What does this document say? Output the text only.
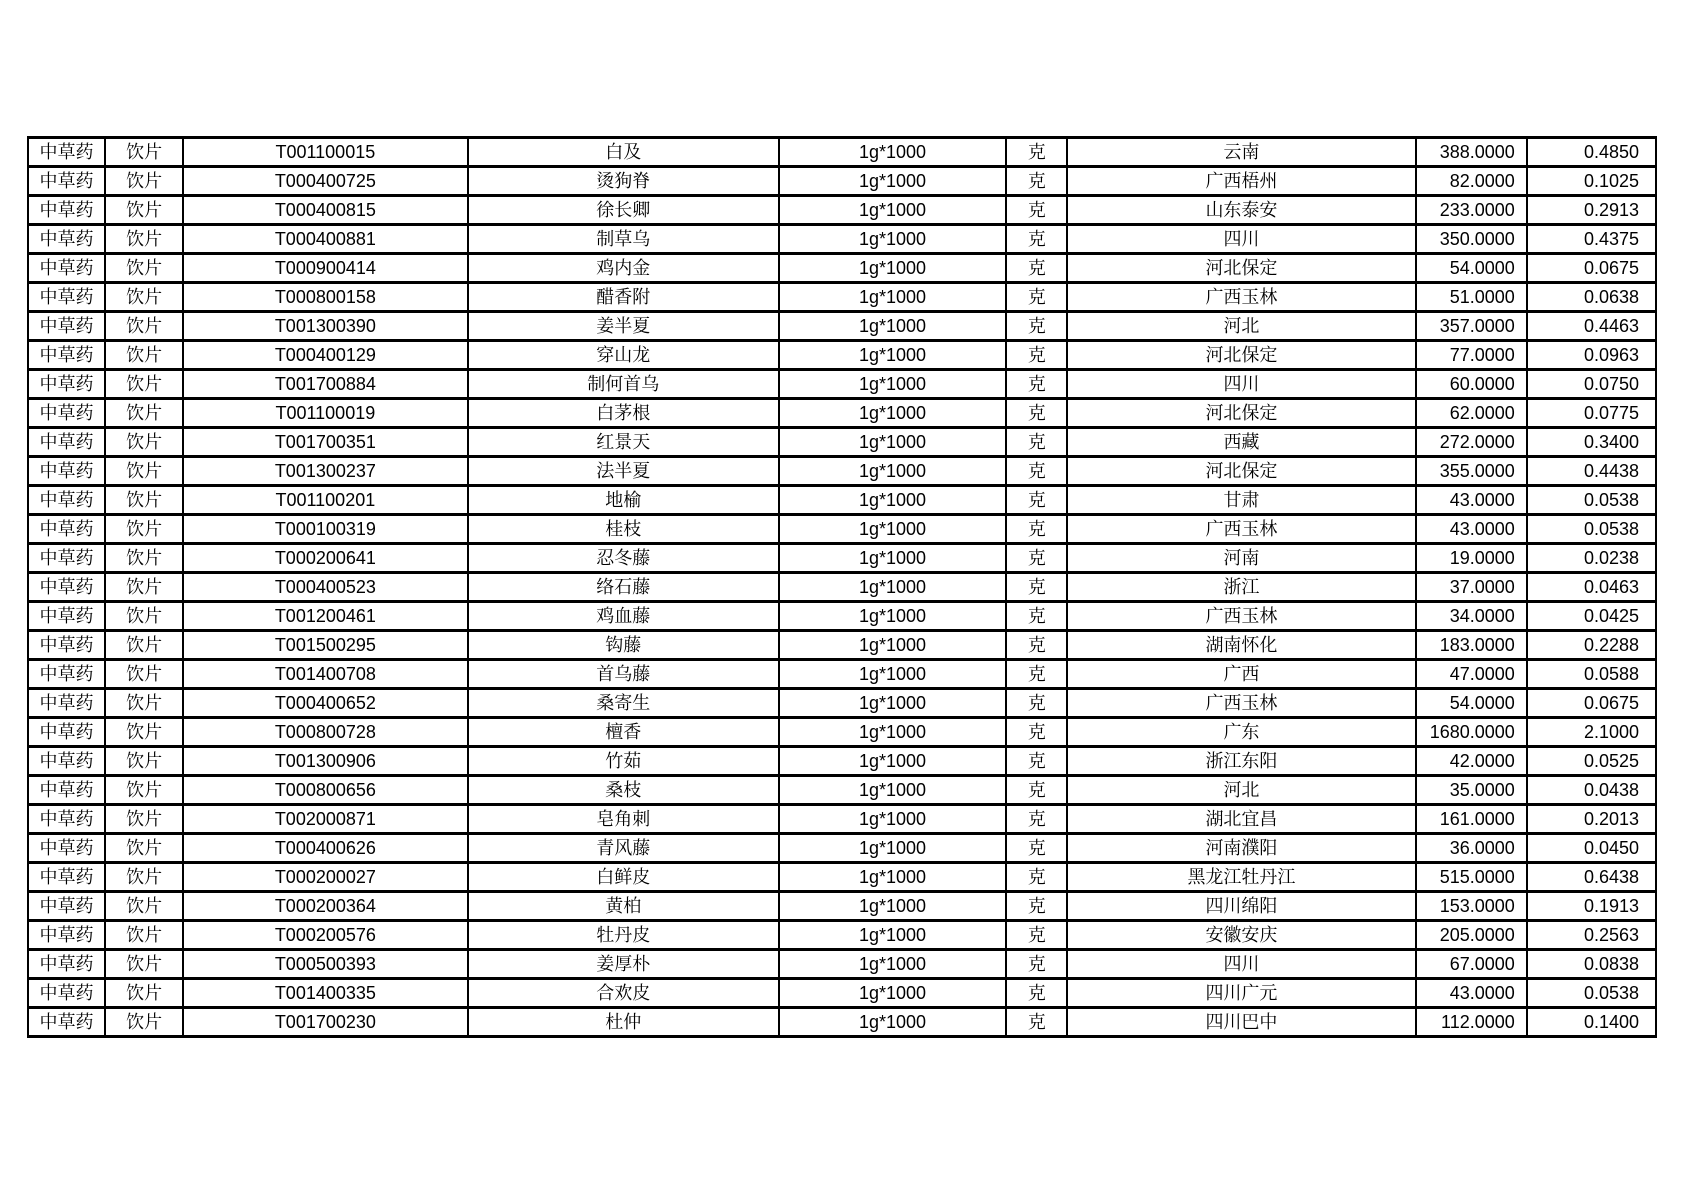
中草药	饮片	T001100015	白及	1g*1000	克	云南	388.0000	0.4850
中草药	饮片	T000400725	烫狗脊	1g*1000	克	广西梧州	82.0000	0.1025
中草药	饮片	T000400815	徐长卿	1g*1000	克	山东泰安	233.0000	0.2913
中草药	饮片	T000400881	制草乌	1g*1000	克	四川	350.0000	0.4375
中草药	饮片	T000900414	鸡内金	1g*1000	克	河北保定	54.0000	0.0675
中草药	饮片	T000800158	醋香附	1g*1000	克	广西玉林	51.0000	0.0638
中草药	饮片	T001300390	姜半夏	1g*1000	克	河北	357.0000	0.4463
中草药	饮片	T000400129	穿山龙	1g*1000	克	河北保定	77.0000	0.0963
中草药	饮片	T001700884	制何首乌	1g*1000	克	四川	60.0000	0.0750
中草药	饮片	T001100019	白茅根	1g*1000	克	河北保定	62.0000	0.0775
中草药	饮片	T001700351	红景天	1g*1000	克	西藏	272.0000	0.3400
中草药	饮片	T001300237	法半夏	1g*1000	克	河北保定	355.0000	0.4438
中草药	饮片	T001100201	地榆	1g*1000	克	甘肃	43.0000	0.0538
中草药	饮片	T000100319	桂枝	1g*1000	克	广西玉林	43.0000	0.0538
中草药	饮片	T000200641	忍冬藤	1g*1000	克	河南	19.0000	0.0238
中草药	饮片	T000400523	络石藤	1g*1000	克	浙江	37.0000	0.0463
中草药	饮片	T001200461	鸡血藤	1g*1000	克	广西玉林	34.0000	0.0425
中草药	饮片	T001500295	钩藤	1g*1000	克	湖南怀化	183.0000	0.2288
中草药	饮片	T001400708	首乌藤	1g*1000	克	广西	47.0000	0.0588
中草药	饮片	T000400652	桑寄生	1g*1000	克	广西玉林	54.0000	0.0675
中草药	饮片	T000800728	檀香	1g*1000	克	广东	1680.0000	2.1000
中草药	饮片	T001300906	竹茹	1g*1000	克	浙江东阳	42.0000	0.0525
中草药	饮片	T000800656	桑枝	1g*1000	克	河北	35.0000	0.0438
中草药	饮片	T002000871	皂角刺	1g*1000	克	湖北宜昌	161.0000	0.2013
中草药	饮片	T000400626	青风藤	1g*1000	克	河南濮阳	36.0000	0.0450
中草药	饮片	T000200027	白鲜皮	1g*1000	克	黑龙江牡丹江	515.0000	0.6438
中草药	饮片	T000200364	黄柏	1g*1000	克	四川绵阳	153.0000	0.1913
中草药	饮片	T000200576	牡丹皮	1g*1000	克	安徽安庆	205.0000	0.2563
中草药	饮片	T000500393	姜厚朴	1g*1000	克	四川	67.0000	0.0838
中草药	饮片	T001400335	合欢皮	1g*1000	克	四川广元	43.0000	0.0538
中草药	饮片	T001700230	杜仲	1g*1000	克	四川巴中	112.0000	0.1400
